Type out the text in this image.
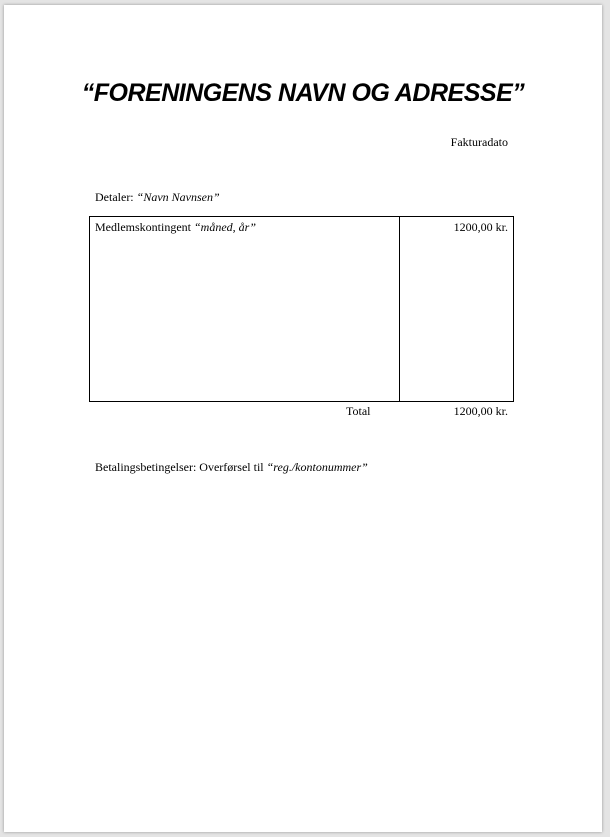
“FORENINGENS NAVN OG ADRESSE”
Fakturadato
Detaler: “Navn Navnsen”
Medlemskontingent “måned, år”	1200,00 kr.
Total	1200,00 kr.
Betalingsbetingelser: Overførsel til “reg./kontonummer”
